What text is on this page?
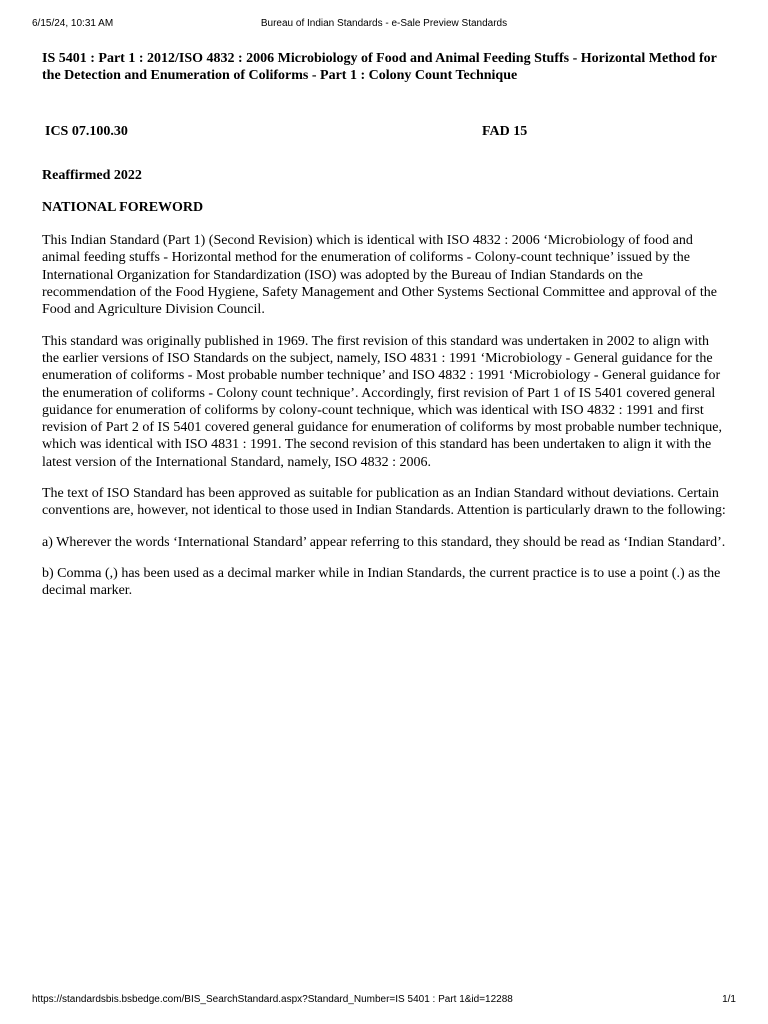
Bureau of Indian Standards - e-Sale Preview Standards
6/15/24, 10:31 AM

IS 5401 : Part 1 : 2012/ISO 4832 : 2006 Microbiology of Food and Animal Feeding Stuffs - Horizontal Method for the Detection and Enumeration of Coliforms - Part 1 : Colony Count Technique

ICS 07.100.30	FAD 15
Reaffirmed 2022
NATIONAL FOREWORD

This Indian Standard (Part 1) (Second Revision) which is identical with ISO 4832 : 2006 ‘Microbiology of food and animal feeding stuffs - Horizontal method for the enumeration of coliforms - Colony-count technique’ issued by the International Organization for Standardization (ISO) was adopted by the Bureau of Indian Standards on the recommendation of the Food Hygiene, Safety Management and Other Systems Sectional Committee and approval of the Food and Agriculture Division Council.

This standard was originally published in 1969. The first revision of this standard was undertaken in 2002 to align with the earlier versions of ISO Standards on the subject, namely, ISO 4831 : 1991 ‘Microbiology - General guidance for the enumeration of coliforms - Most probable number technique’ and ISO 4832 : 1991 ‘Microbiology - General guidance for the enumeration of coliforms - Colony count technique’. Accordingly, first revision of Part 1 of IS 5401 covered general guidance for enumeration of coliforms by colony-count technique, which was identical with ISO 4832 : 1991 and first revision of Part 2 of IS 5401 covered general guidance for enumeration of coliforms by most probable number technique, which was identical with ISO 4831 : 1991. The second revision of this standard has been undertaken to align it with the latest version of the International Standard, namely, ISO 4832 : 2006.

The text of ISO Standard has been approved as suitable for publication as an Indian Standard without deviations. Certain conventions are, however, not identical to those used in Indian Standards. Attention is particularly drawn to the following:

a) Wherever the words ‘International Standard’ appear referring to this standard, they should be read as ‘Indian Standard’.

b) Comma (,) has been used as a decimal marker while in Indian Standards, the current practice is to use a point (.) as the decimal marker.

https://standardsbis.bsbedge.com/BIS_SearchStandard.aspx?Standard_Number=IS 5401 : Part 1&id=12288	1/1
